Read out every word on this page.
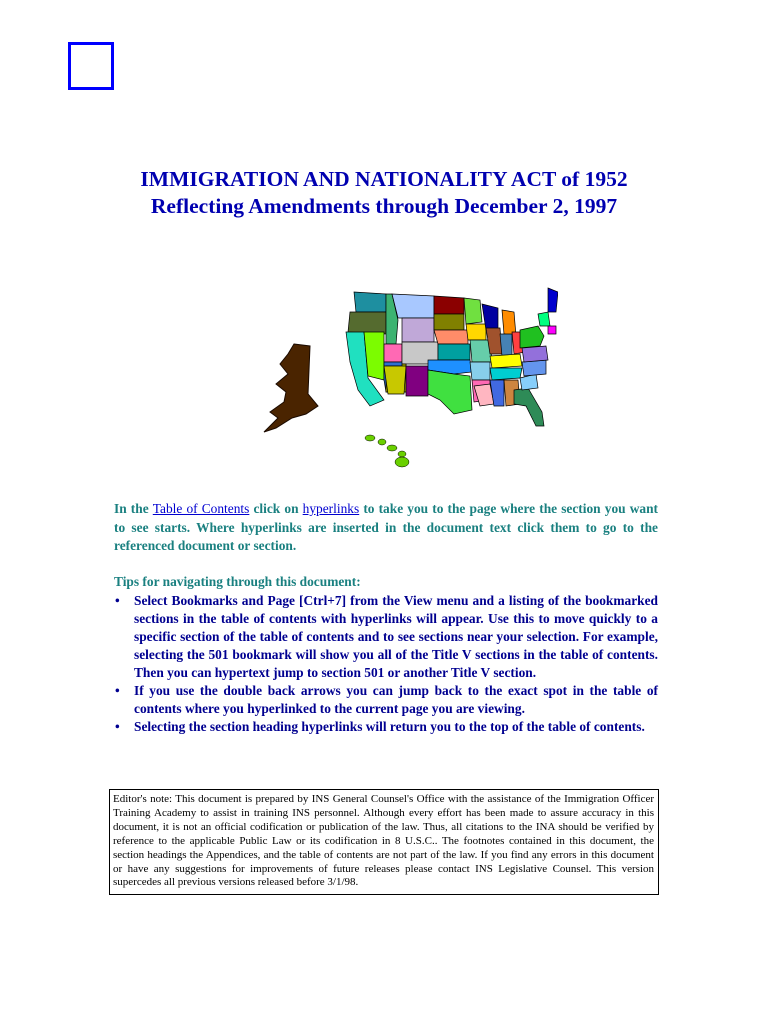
IMMIGRATION AND NATIONALITY ACT of 1952
Reflecting Amendments through December 2, 1997

In the Table of Contents click on hyperlinks to take you to the page where the section you want to see starts. Where hyperlinks are inserted in the document text click them to go to the referenced document or section.

Tips for navigating through this document:

• Select Bookmarks and Page [Ctrl+7] from the View menu and a listing of the bookmarked sections in the table of contents with hyperlinks will appear. Use this to move quickly to a specific section of the table of contents and to see sections near your selection. For example, selecting the 501 bookmark will show you all of the Title V sections in the table of contents. Then you can hypertext jump to section 501 or another Title V section.
• If you use the double back arrows you can jump back to the exact spot in the table of contents where you hyperlinked to the current page you are viewing.
• Selecting the section heading hyperlinks will return you to the top of the table of contents.

Editor's note: This document is prepared by INS General Counsel's Office with the assistance of the Immigration Officer Training Academy to assist in training INS personnel. Although every effort has been made to assure accuracy in this document, it is not an official codification or publication of the law. Thus, all citations to the INA should be verified by reference to the applicable Public Law or its codification in 8 U.S.C.. The footnotes contained in this document, the section headings the Appendices, and the table of contents are not part of the law. If you find any errors in this document or have any suggestions for improvements of future releases please contact INS Legislative Counsel. This version supercedes all previous versions released before 3/1/98.
